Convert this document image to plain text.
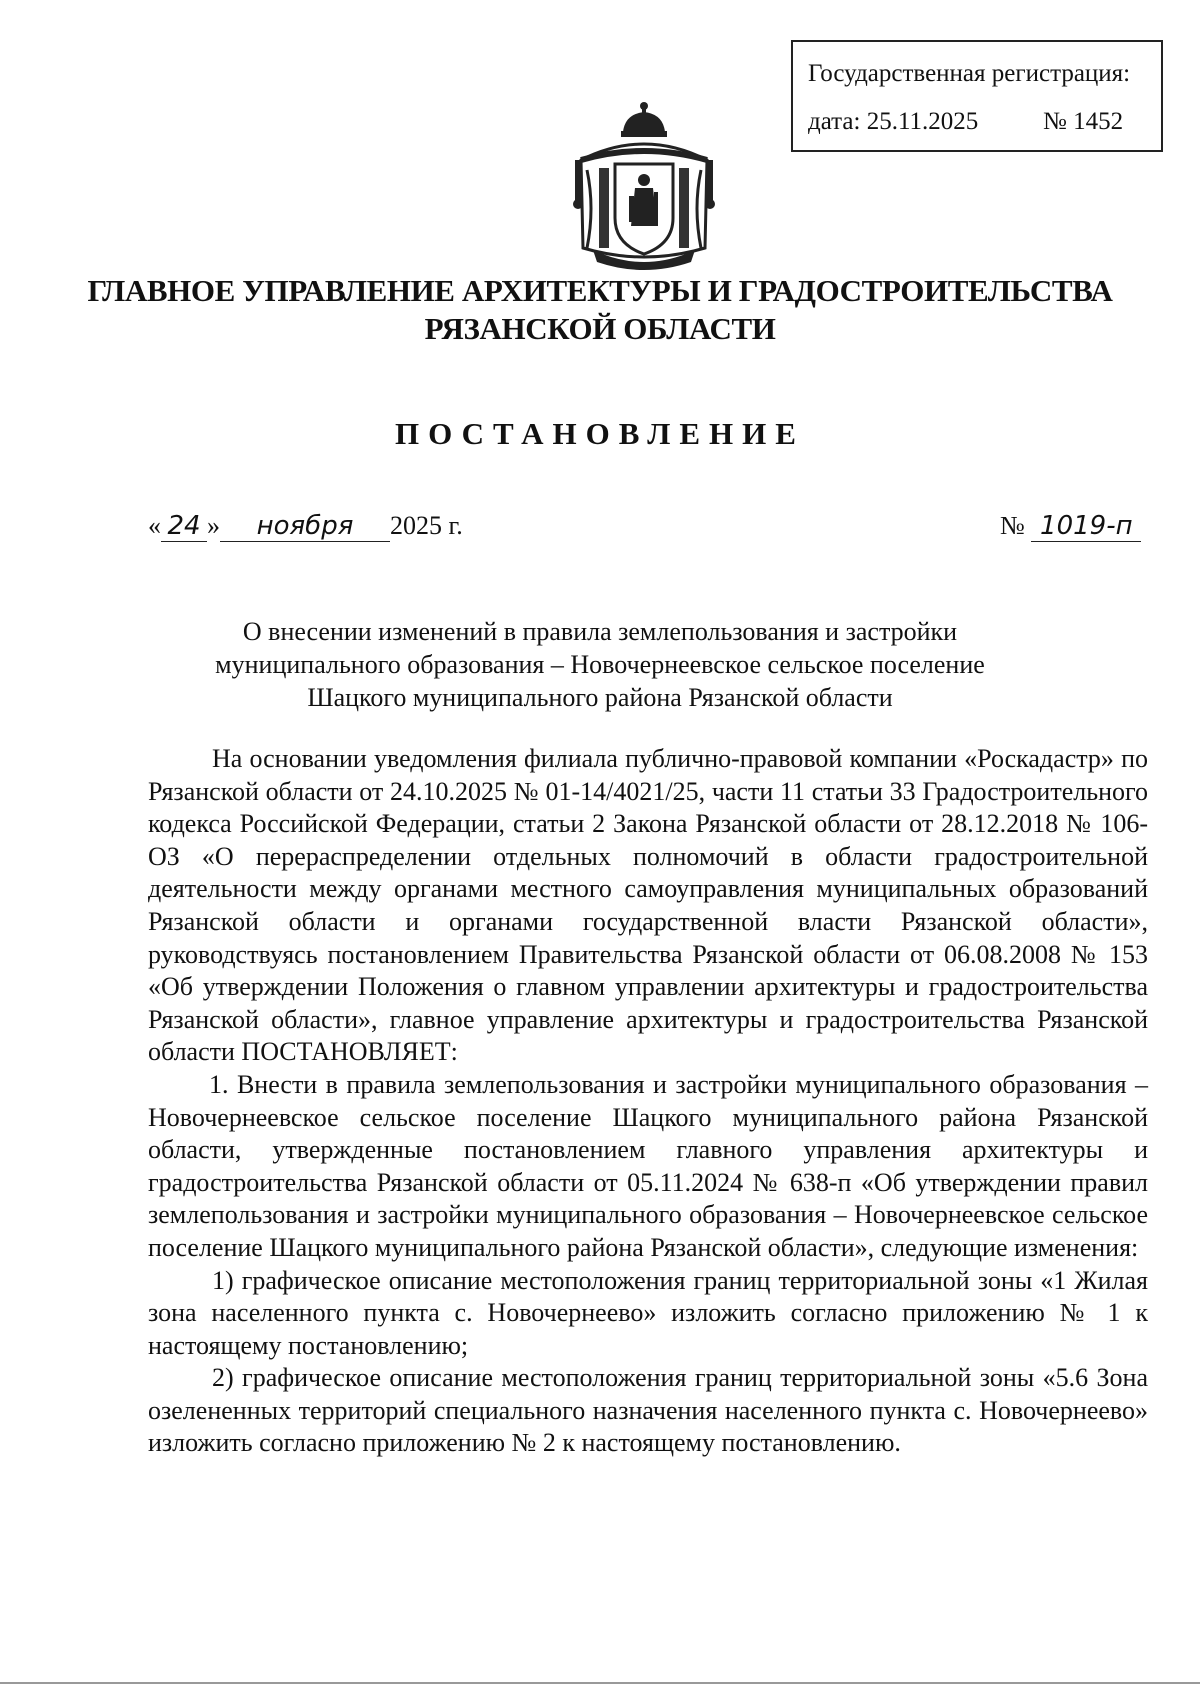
Государственная регистрация:
дата: 25.11.2025	№ 1452
ГЛАВНОЕ УПРАВЛЕНИЕ АРХИТЕКТУРЫ И ГРАДОСТРОИТЕЛЬСТВА
РЯЗАНСКОЙ ОБЛАСТИ
ПОСТАНОВЛЕНИЕ
« 24 » ноября 2025 г.	№ 1019-п
О внесении изменений в правила землепользования и застройки
муниципального образования – Новочернеевское сельское поселение
Шацкого муниципального района Рязанской области

На основании уведомления филиала публично-правовой компании «Роскадастр» по Рязанской области от 24.10.2025 № 01-14/4021/25, части 11 статьи 33 Градостроительного кодекса Российской Федерации, статьи 2 Закона Рязанской области от 28.12.2018 № 106-ОЗ «О перераспределении отдельных полномочий в области градостроительной деятельности между органами местного самоуправления муниципальных образований Рязанской области и органами государственной власти Рязанской области», руководствуясь постановлением Правительства Рязанской области от 06.08.2008 № 153 «Об утверждении Положения о главном управлении архитектуры и градостроительства Рязанской области», главное управление архитектуры и градостроительства Рязанской области ПОСТАНОВЛЯЕТ:

1. Внести в правила землепользования и застройки муниципального образования – Новочернеевское сельское поселение Шацкого муниципального района Рязанской области, утвержденные постановлением главного управления архитектуры и градостроительства Рязанской области от 05.11.2024 № 638-п «Об утверждении правил землепользования и застройки муниципального образования – Новочернеевское сельское поселение Шацкого муниципального района Рязанской области», следующие изменения:

1) графическое описание местоположения границ территориальной зоны «1 Жилая зона населенного пункта с. Новочернеево» изложить согласно приложению № 1 к настоящему постановлению;

2) графическое описание местоположения границ территориальной зоны «5.6 Зона озелененных территорий специального назначения населенного пункта с. Новочернеево» изложить согласно приложению № 2 к настоящему постановлению.
